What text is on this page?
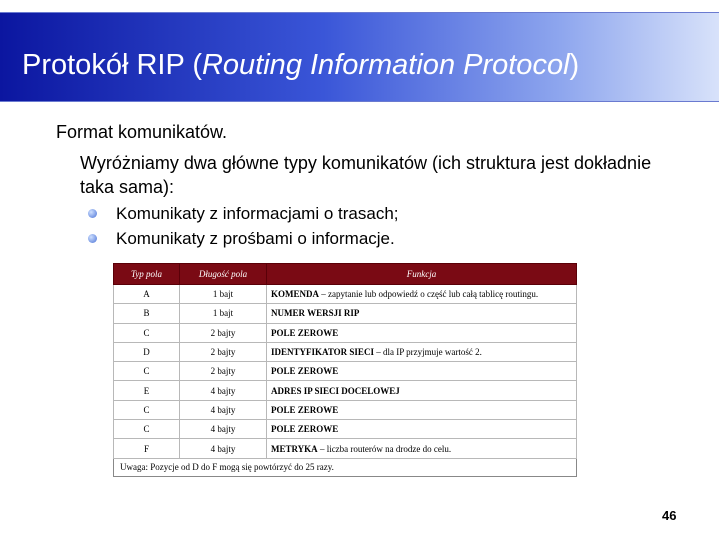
Protokół RIP (Routing Information Protocol)
Format komunikatów.
Wyróżniamy dwa główne typy komunikatów (ich struktura jest dokładnie taka sama):
Komunikaty z informacjami o trasach;
Komunikaty z prośbami o informacje.
Typ pola	Długość pola	Funkcja
A	1 bajt	KOMENDA – zapytanie lub odpowiedź o część lub całą tablicę routingu.
B	1 bajt	NUMER WERSJI RIP
C	2 bajty	POLE ZEROWE
D	2 bajty	IDENTYFIKATOR SIECI – dla IP przyjmuje wartość 2.
C	2 bajty	POLE ZEROWE
E	4 bajty	ADRES IP SIECI DOCELOWEJ
C	4 bajty	POLE ZEROWE
C	4 bajty	POLE ZEROWE
F	4 bajty	METRYKA – liczba routerów na drodze do celu.
Uwaga: Pozycje od D do F mogą się powtórzyć do 25 razy.		
46
